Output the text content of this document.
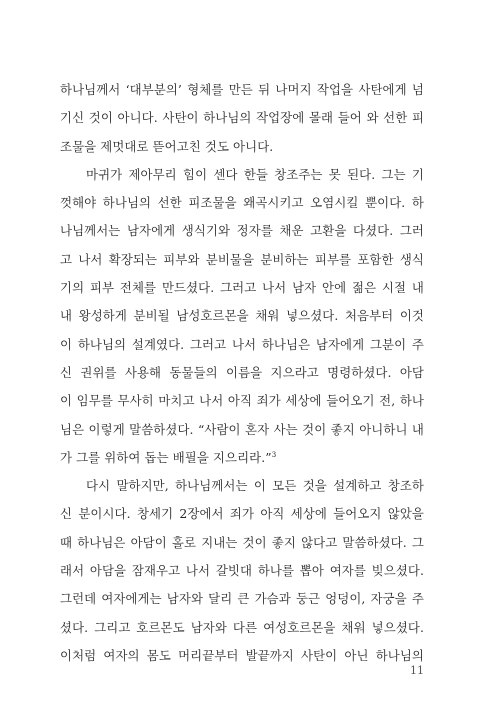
하나님께서 ‘대부분의’ 형체를 만든 뒤 나머지 작업을 사탄에게 넘
기신 것이 아니다. 사탄이 하나님의 작업장에 몰래 들어 와 선한 피
조물을 제멋대로 뜯어고친 것도 아니다.
마귀가 제아무리 힘이 센다 한들 창조주는 못 된다. 그는 기
껏해야 하나님의 선한 피조물을 왜곡시키고 오염시킬 뿐이다. 하
나님께서는 남자에게 생식기와 정자를 채운 고환을 다셨다. 그러
고 나서 확장되는 피부와 분비물을 분비하는 피부를 포함한 생식
기의 피부 전체를 만드셨다. 그러고 나서 남자 안에 젊은 시절 내
내 왕성하게 분비될 남성호르몬을 채워 넣으셨다. 처음부터 이것
이 하나님의 설계였다. 그러고 나서 하나님은 남자에게 그분이 주
신 권위를 사용해 동물들의 이름을 지으라고 명령하셨다. 아담
이 임무를 무사히 마치고 나서 아직 죄가 세상에 들어오기 전, 하나
님은 이렇게 말씀하셨다. “사람이 혼자 사는 것이 좋지 아니하니 내
가 그를 위하여 돕는 배필을 지으리라.”$^3$
다시 말하지만, 하나님께서는 이 모든 것을 설계하고 창조하
신 분이시다. 창세기 2장에서 죄가 아직 세상에 들어오지 않았을
때 하나님은 아담이 홀로 지내는 것이 좋지 않다고 말씀하셨다. 그
래서 아담을 잠재우고 나서 갈빗대 하나를 뽑아 여자를 빚으셨다.
그런데 여자에게는 남자와 달리 큰 가슴과 둥근 엉덩이, 자궁을 주
셨다. 그리고 호르몬도 남자와 다른 여성호르몬을 채워 넣으셨다.
이처럼 여자의 몸도 머리끝부터 발끝까지 사탄이 아닌 하나님의
11
